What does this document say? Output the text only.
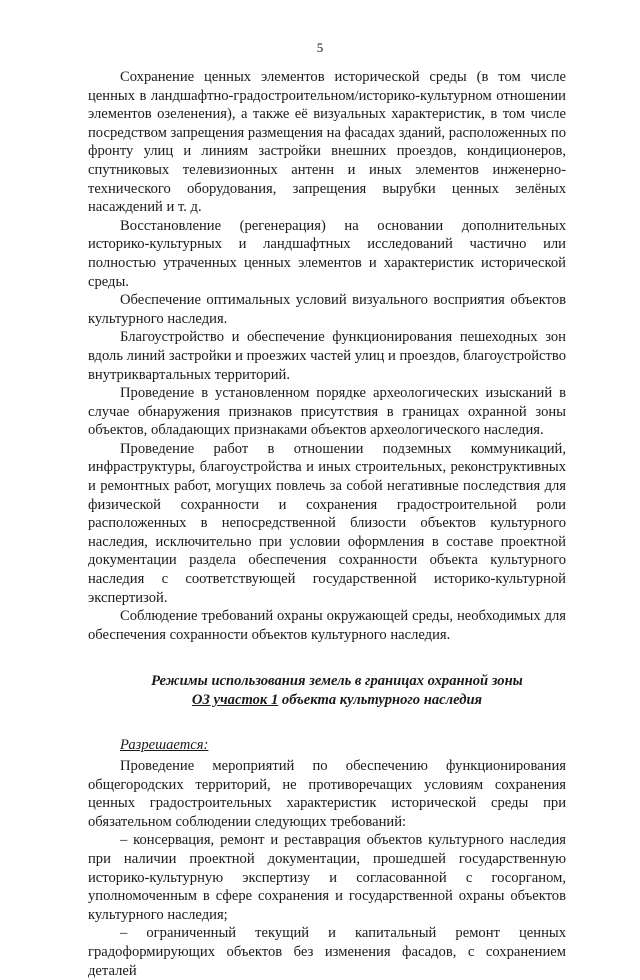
5

Сохранение ценных элементов исторической среды (в том числе ценных в ландшафтно-градостроительном/историко-культурном отношении элементов озеленения), а также её визуальных характеристик, в том числе посредством запрещения размещения на фасадах зданий, расположенных по фронту улиц и линиям застройки внешних проездов, кондиционеров, спутниковых телевизионных антенн и иных элементов инженерно-технического оборудования, запрещения вырубки ценных зелёных насаждений и т. д.

Восстановление (регенерация) на основании дополнительных историко-культурных и ландшафтных исследований частично или полностью утраченных ценных элементов и характеристик исторической среды.

Обеспечение оптимальных условий визуального восприятия объектов культурного наследия.

Благоустройство и обеспечение функционирования пешеходных зон вдоль линий застройки и проезжих частей улиц и проездов, благоустройство внутриквартальных территорий.

Проведение в установленном порядке археологических изысканий в случае обнаружения признаков присутствия в границах охранной зоны объектов, обладающих признаками объектов археологического наследия.

Проведение работ в отношении подземных коммуникаций, инфраструктуры, благоустройства и иных строительных, реконструктивных и ремонтных работ, могущих повлечь за собой негативные последствия для физической сохранности и сохранения градостроительной роли расположенных в непосредственной близости объектов культурного наследия, исключительно при условии оформления в составе проектной документации раздела обеспечения сохранности объекта культурного наследия с соответствующей государственной историко-культурной экспертизой.

Соблюдение требований охраны окружающей среды, необходимых для обеспечения сохранности объектов культурного наследия.

Режимы использования земель в границах охранной зоны
ОЗ участок 1 объекта культурного наследия

Разрешается:

Проведение мероприятий по обеспечению функционирования общегородских территорий, не противоречащих условиям сохранения ценных градостроительных характеристик исторической среды при обязательном соблюдении следующих требований:

– консервация, ремонт и реставрация объектов культурного наследия при наличии проектной документации, прошедшей государственную историко-культурную экспертизу и согласованной с госорганом, уполномоченным в сфере сохранения и государственной охраны объектов культурного наследия;

– ограниченный текущий и капитальный ремонт ценных градоформирующих объектов без изменения фасадов, с сохранением деталей
